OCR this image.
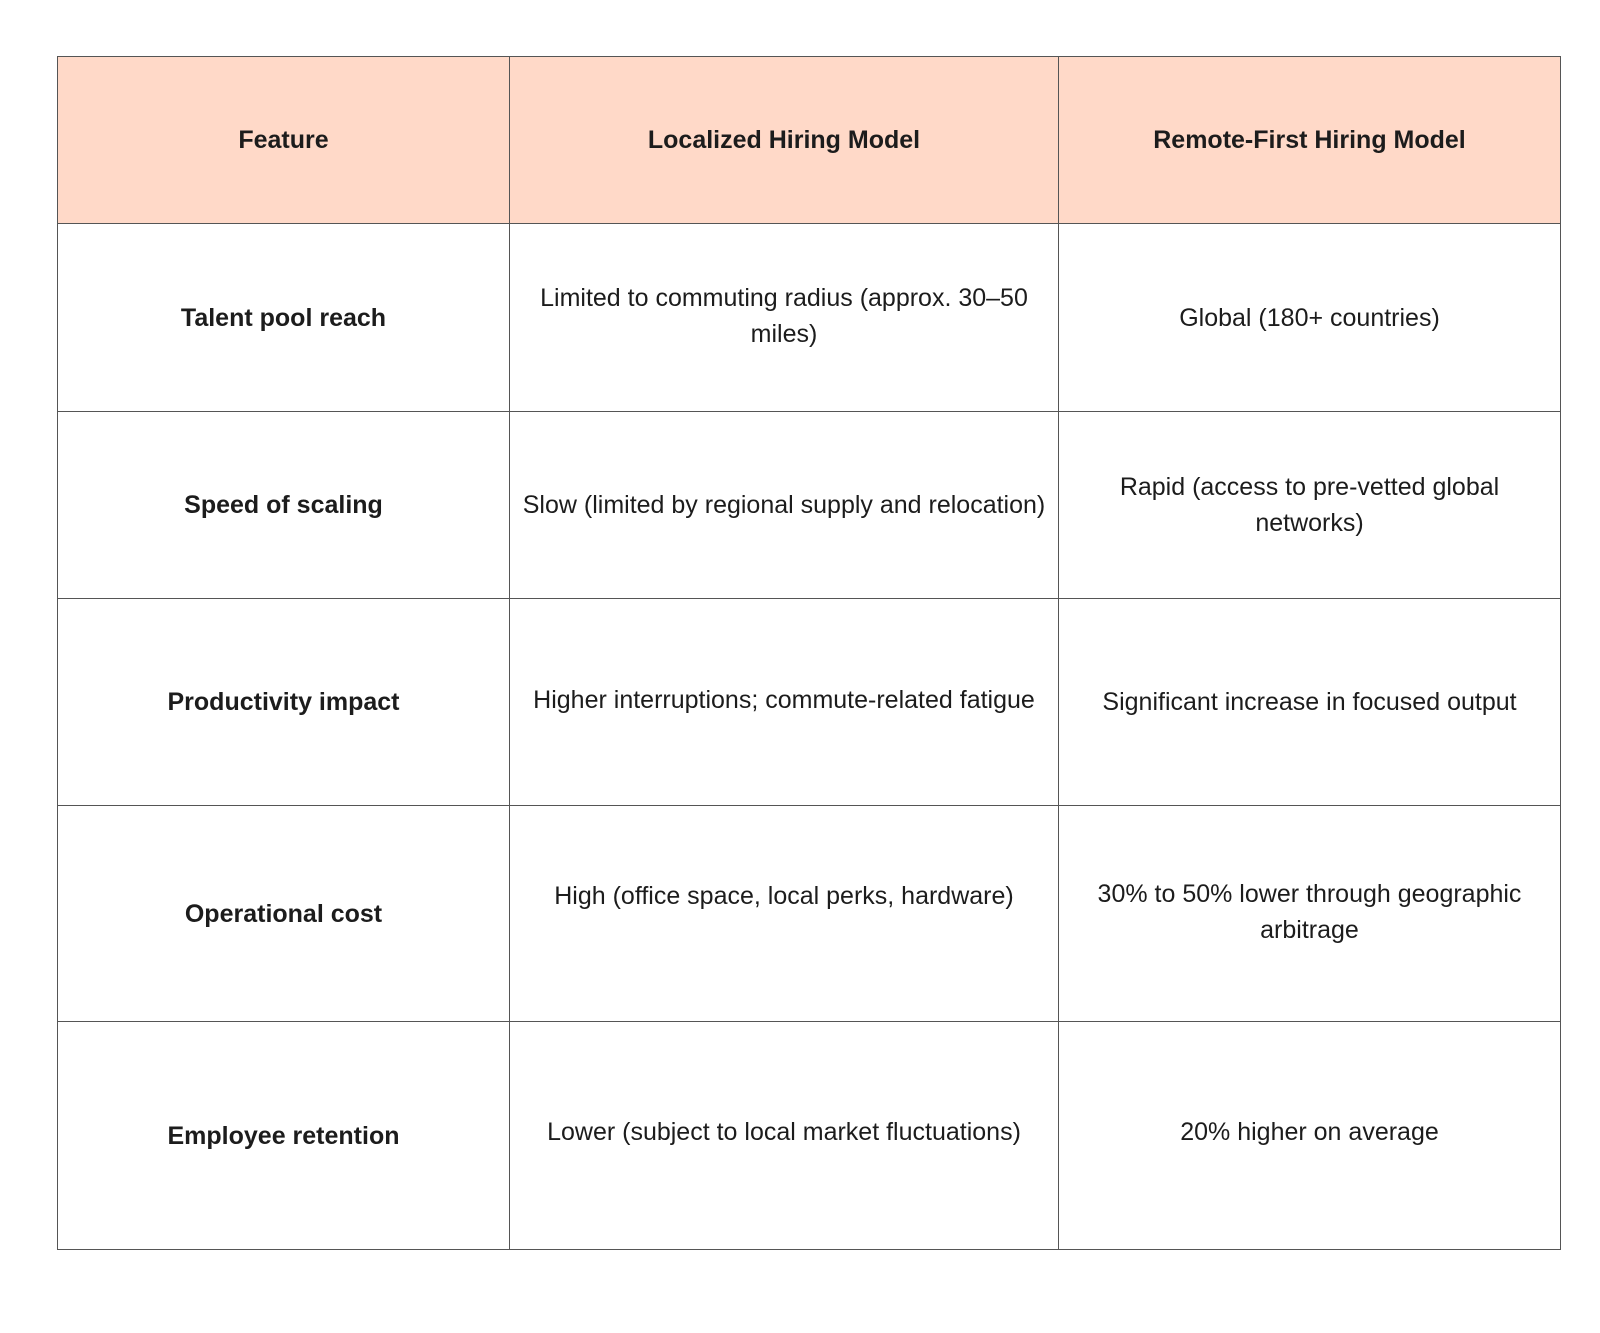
Feature	Localized Hiring Model	Remote-First Hiring Model
Talent pool reach	Limited to commuting radius (approx. 30–50 miles)	Global (180+ countries)

Speed of scaling	Slow (limited by regional supply and relocation)	Rapid (access to pre-vetted global networks)

Productivity impact	Higher interruptions; commute-related fatigue	Significant increase in focused output

Operational cost	High (office space, local perks, hardware)	30% to 50% lower through geographic arbitrage

Employee retention	Lower (subject to local market fluctuations)	20% higher on average
